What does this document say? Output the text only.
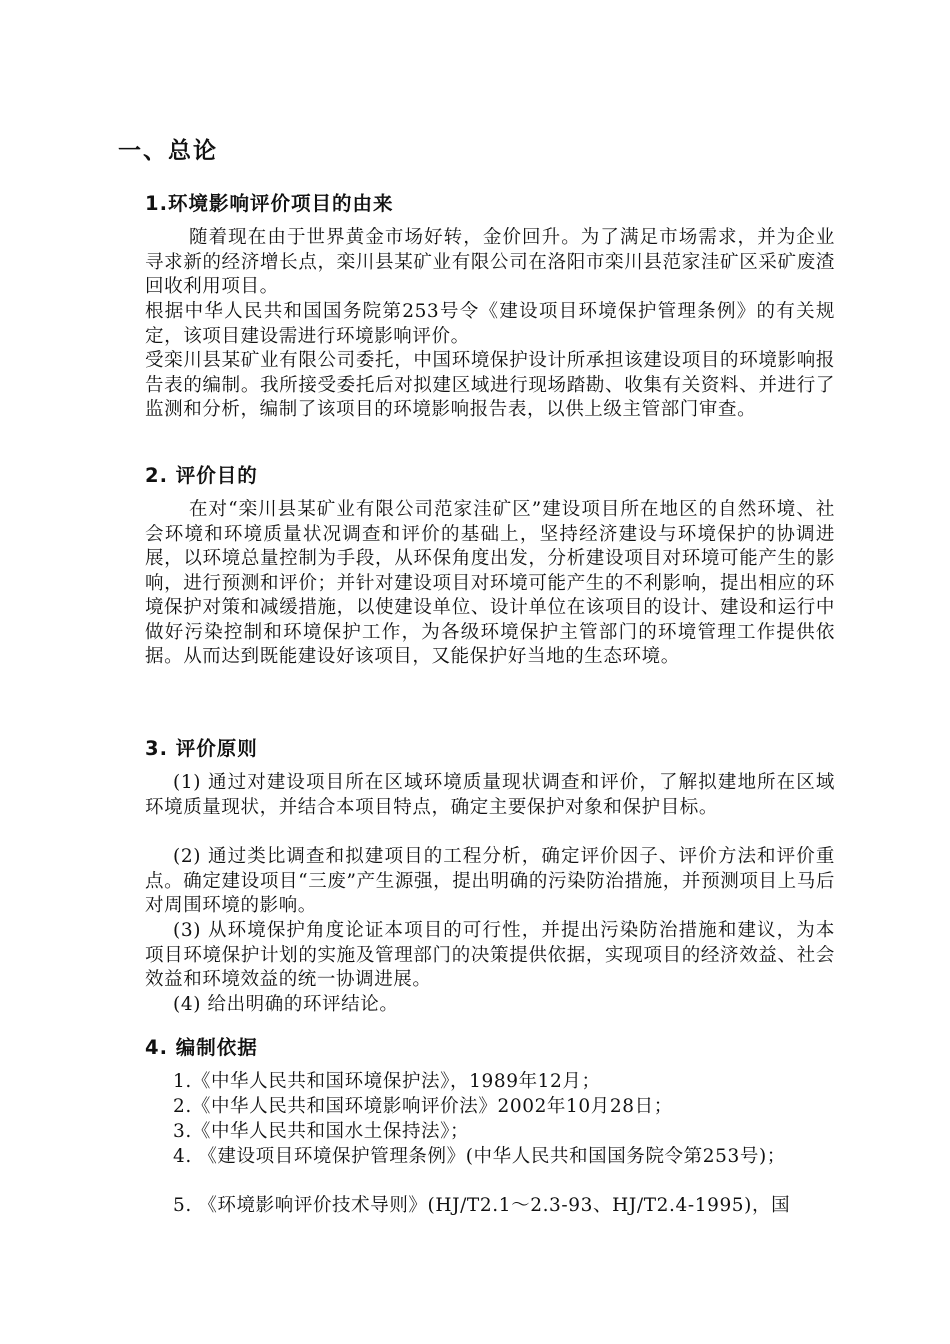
一、总论
1.环境影响评价项目的由来

随着现在由于世界黄金市场好转，金价回升。为了满足市场需求，并为企业寻求新的经济增长点，栾川县某矿业有限公司在洛阳市栾川县范家洼矿区采矿废渣回收利用项目。

根据中华人民共和国国务院第253号令《建设项目环境保护管理条例》的有关规定，该项目建设需进行环境影响评价。

受栾川县某矿业有限公司委托，中国环境保护设计所承担该建设项目的环境影响报告表的编制。我所接受委托后对拟建区域进行现场踏勘、收集有关资料、并进行了监测和分析，编制了该项目的环境影响报告表，以供上级主管部门审查。

2. 评价目的

在对“栾川县某矿业有限公司范家洼矿区”建设项目所在地区的自然环境、社会环境和环境质量状况调查和评价的基础上，坚持经济建设与环境保护的协调进展，以环境总量控制为手段，从环保角度出发，分析建设项目对环境可能产生的影响，进行预测和评价；并针对建设项目对环境可能产生的不利影响，提出相应的环境保护对策和减缓措施，以使建设单位、设计单位在该项目的设计、建设和运行中做好污染控制和环境保护工作，为各级环境保护主管部门的环境管理工作提供依据。从而达到既能建设好该项目，又能保护好当地的生态环境。

3. 评价原则

(1) 通过对建设项目所在区域环境质量现状调查和评价，了解拟建地所在区域环境质量现状，并结合本项目特点，确定主要保护对象和保护目标。

(2) 通过类比调查和拟建项目的工程分析，确定评价因子、评价方法和评价重点。确定建设项目“三废”产生源强，提出明确的污染防治措施，并预测项目上马后对周围环境的影响。

(3) 从环境保护角度论证本项目的可行性，并提出污染防治措施和建议，为本项目环境保护计划的实施及管理部门的决策提供依据，实现项目的经济效益、社会效益和环境效益的统一协调进展。

(4) 给出明确的环评结论。

4. 编制依据

1.《中华人民共和国环境保护法》，1989年12月；

2.《中华人民共和国环境影响评价法》2002年10月28日；

3.《中华人民共和国水土保持法》；

4. 《建设项目环境保护管理条例》(中华人民共和国国务院令第253号)；

5. 《环境影响评价技术导则》(HJ/T2.1～2.3-93、HJ/T2.4-1995)，国
